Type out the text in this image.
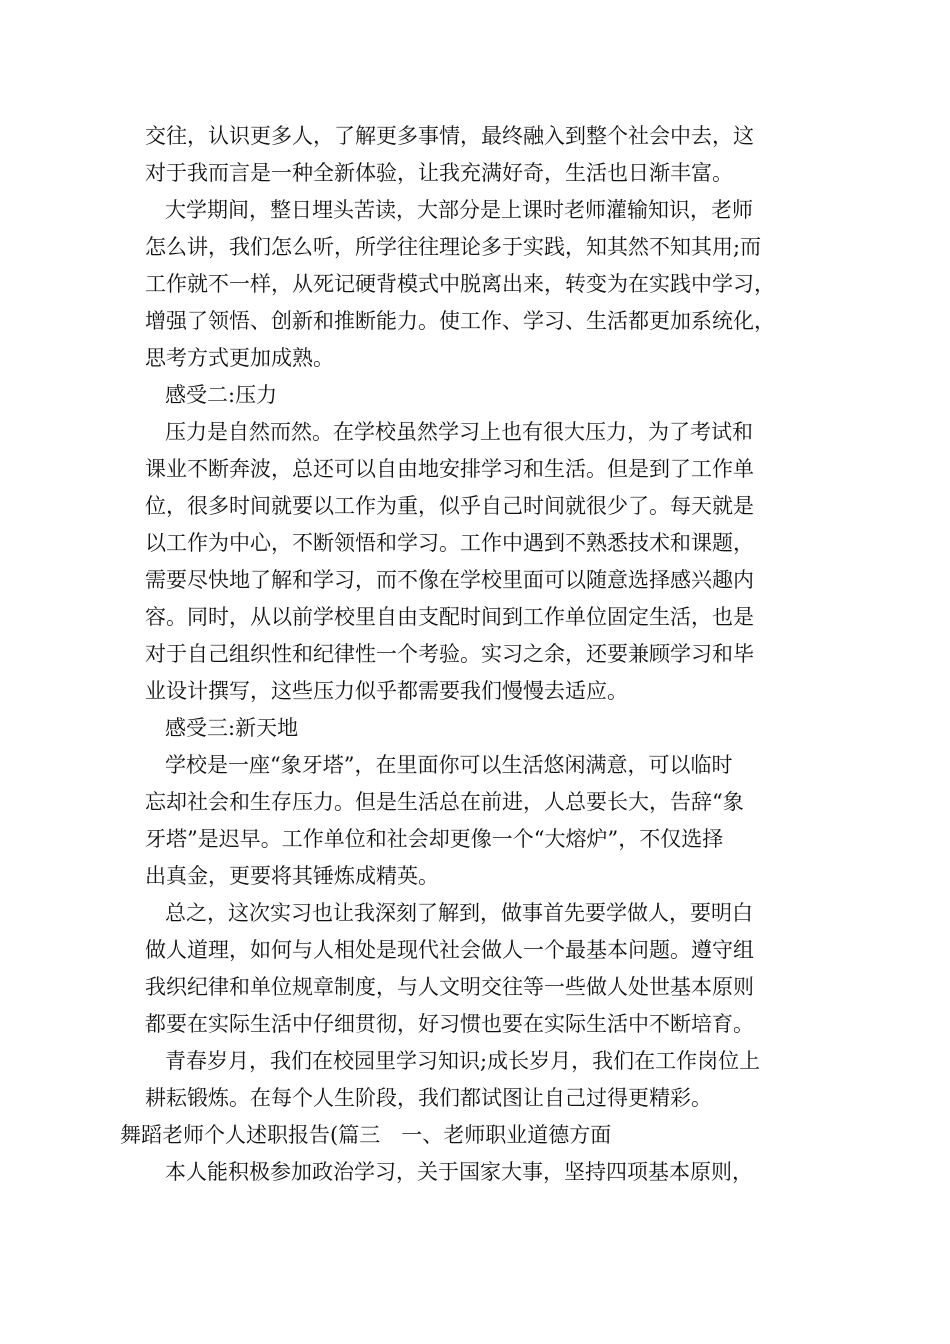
交往，认识更多人，了解更多事情，最终融入到整个社会中去，这
对于我而言是一种全新体验，让我充满好奇，生活也日渐丰富。
大学期间，整日埋头苦读，大部分是上课时老师灌输知识，老师
怎么讲，我们怎么听，所学往往理论多于实践，知其然不知其用;而
工作就不一样，从死记硬背模式中脱离出来，转变为在实践中学习，
增强了领悟、创新和推断能力。使工作、学习、生活都更加系统化，
思考方式更加成熟。
感受二:压力
压力是自然而然。在学校虽然学习上也有很大压力，为了考试和
课业不断奔波，总还可以自由地安排学习和生活。但是到了工作单
位，很多时间就要以工作为重，似乎自己时间就很少了。每天就是
以工作为中心，不断领悟和学习。工作中遇到不熟悉技术和课题，
需要尽快地了解和学习，而不像在学校里面可以随意选择感兴趣内
容。同时，从以前学校里自由支配时间到工作单位固定生活，也是
对于自己组织性和纪律性一个考验。实习之余，还要兼顾学习和毕
业设计撰写，这些压力似乎都需要我们慢慢去适应。
感受三:新天地
学校是一座“象牙塔”，在里面你可以生活悠闲满意，可以临时
忘却社会和生存压力。但是生活总在前进，人总要长大，告辞“象
牙塔”是迟早。工作单位和社会却更像一个“大熔炉”，不仅选择
出真金，更要将其锤炼成精英。
总之，这次实习也让我深刻了解到，做事首先要学做人，要明白
做人道理，如何与人相处是现代社会做人一个最基本问题。遵守组
我织纪律和单位规章制度，与人文明交往等一些做人处世基本原则
都要在实际生活中仔细贯彻，好习惯也要在实际生活中不断培育。
青春岁月，我们在校园里学习知识;成长岁月，我们在工作岗位上
耕耘锻炼。在每个人生阶段，我们都试图让自己过得更精彩。
舞蹈老师个人述职报告(篇三　一、老师职业道德方面
本人能积极参加政治学习，关于国家大事，坚持四项基本原则，
